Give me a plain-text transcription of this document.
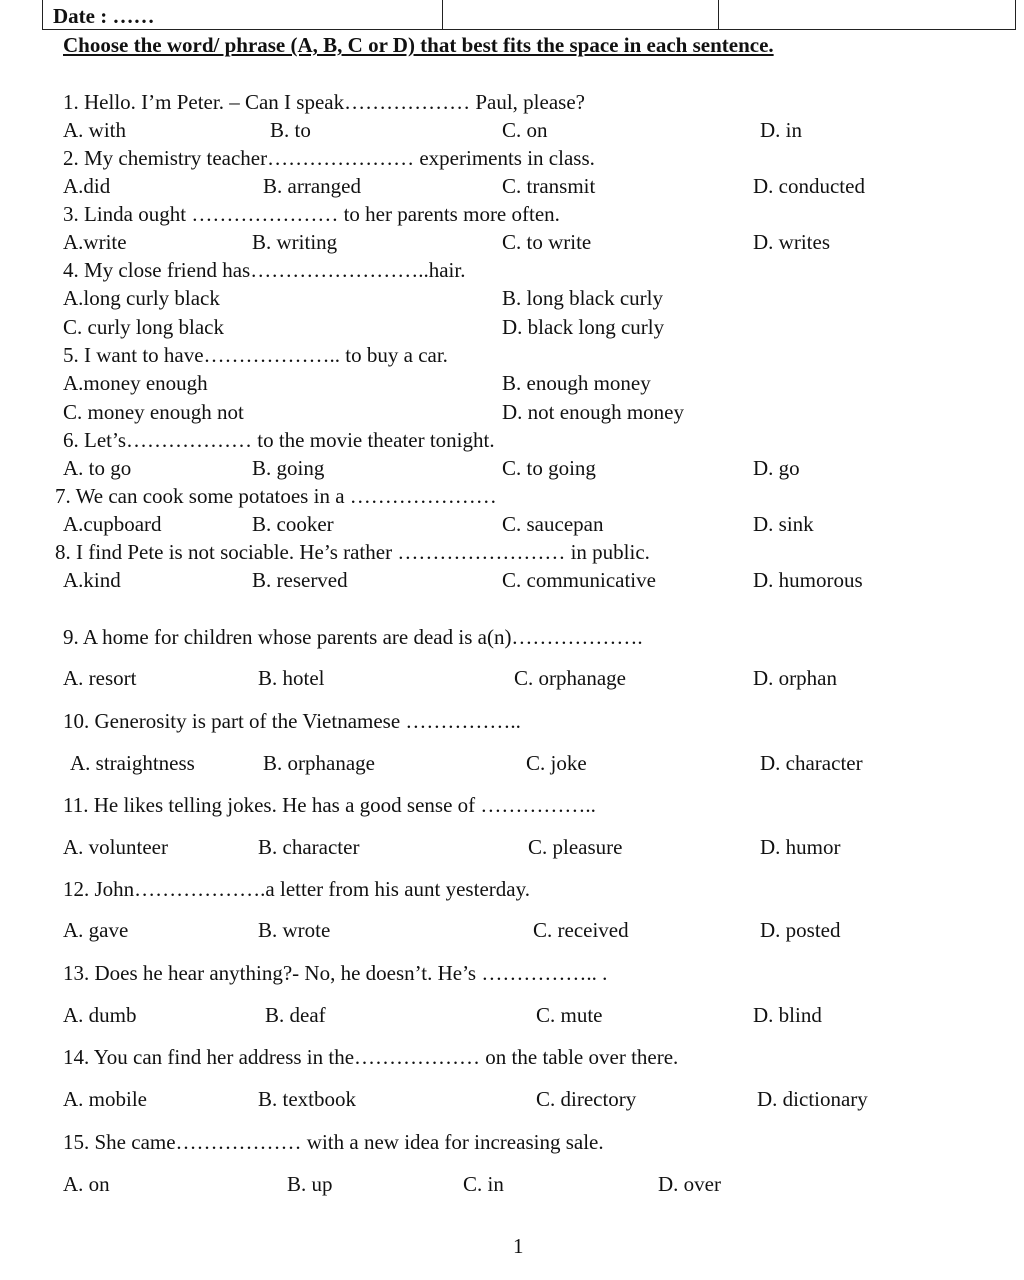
Date : ……
Choose the word/ phrase (A, B, C or D) that best fits the space in each sentence.
1. Hello. I’m Peter. – Can I speak……………… Paul, please?
A. with	B. to	C. on	D. in
2. My chemistry teacher………………… experiments in class.
A.did	B. arranged	C. transmit	D. conducted
3. Linda ought ………………… to her parents more often.
A.write	B. writing	C. to write	D. writes
4. My close friend has……………………..hair.
A.long curly black	B. long black curly
C. curly long black	D. black long curly
5. I want to have……………….. to buy a car.
A.money enough	B. enough money
C. money enough not	D. not enough money
6. Let’s……………… to the movie theater tonight.
A. to go	B. going	C. to going	D. go
7. We can cook some potatoes in a …………………
A.cupboard	B. cooker	C. saucepan	D. sink
8. I find Pete is not sociable. He’s rather …………………… in public.
A.kind	B. reserved	C. communicative	D. humorous
9. A home for children whose parents are dead is a(n)……………….
A. resort	B. hotel	C. orphanage	D. orphan
10. Generosity is part of the Vietnamese ……………..
A. straightness	B. orphanage	C. joke	D. character
11. He likes telling jokes. He has a good sense of ……………..
A. volunteer	B. character	C. pleasure	D. humor
12. John……………….a letter from his aunt yesterday.
A. gave	B. wrote	C. received	D. posted
13. Does he hear anything?- No, he doesn’t. He’s …………….. .
A. dumb	B. deaf	C. mute	D. blind
14. You can find her address in the……………… on the table over there.
A. mobile	B. textbook	C. directory	D. dictionary
15. She came……………… with a new idea for increasing sale.
A. on	B. up	C. in	D. over
1
